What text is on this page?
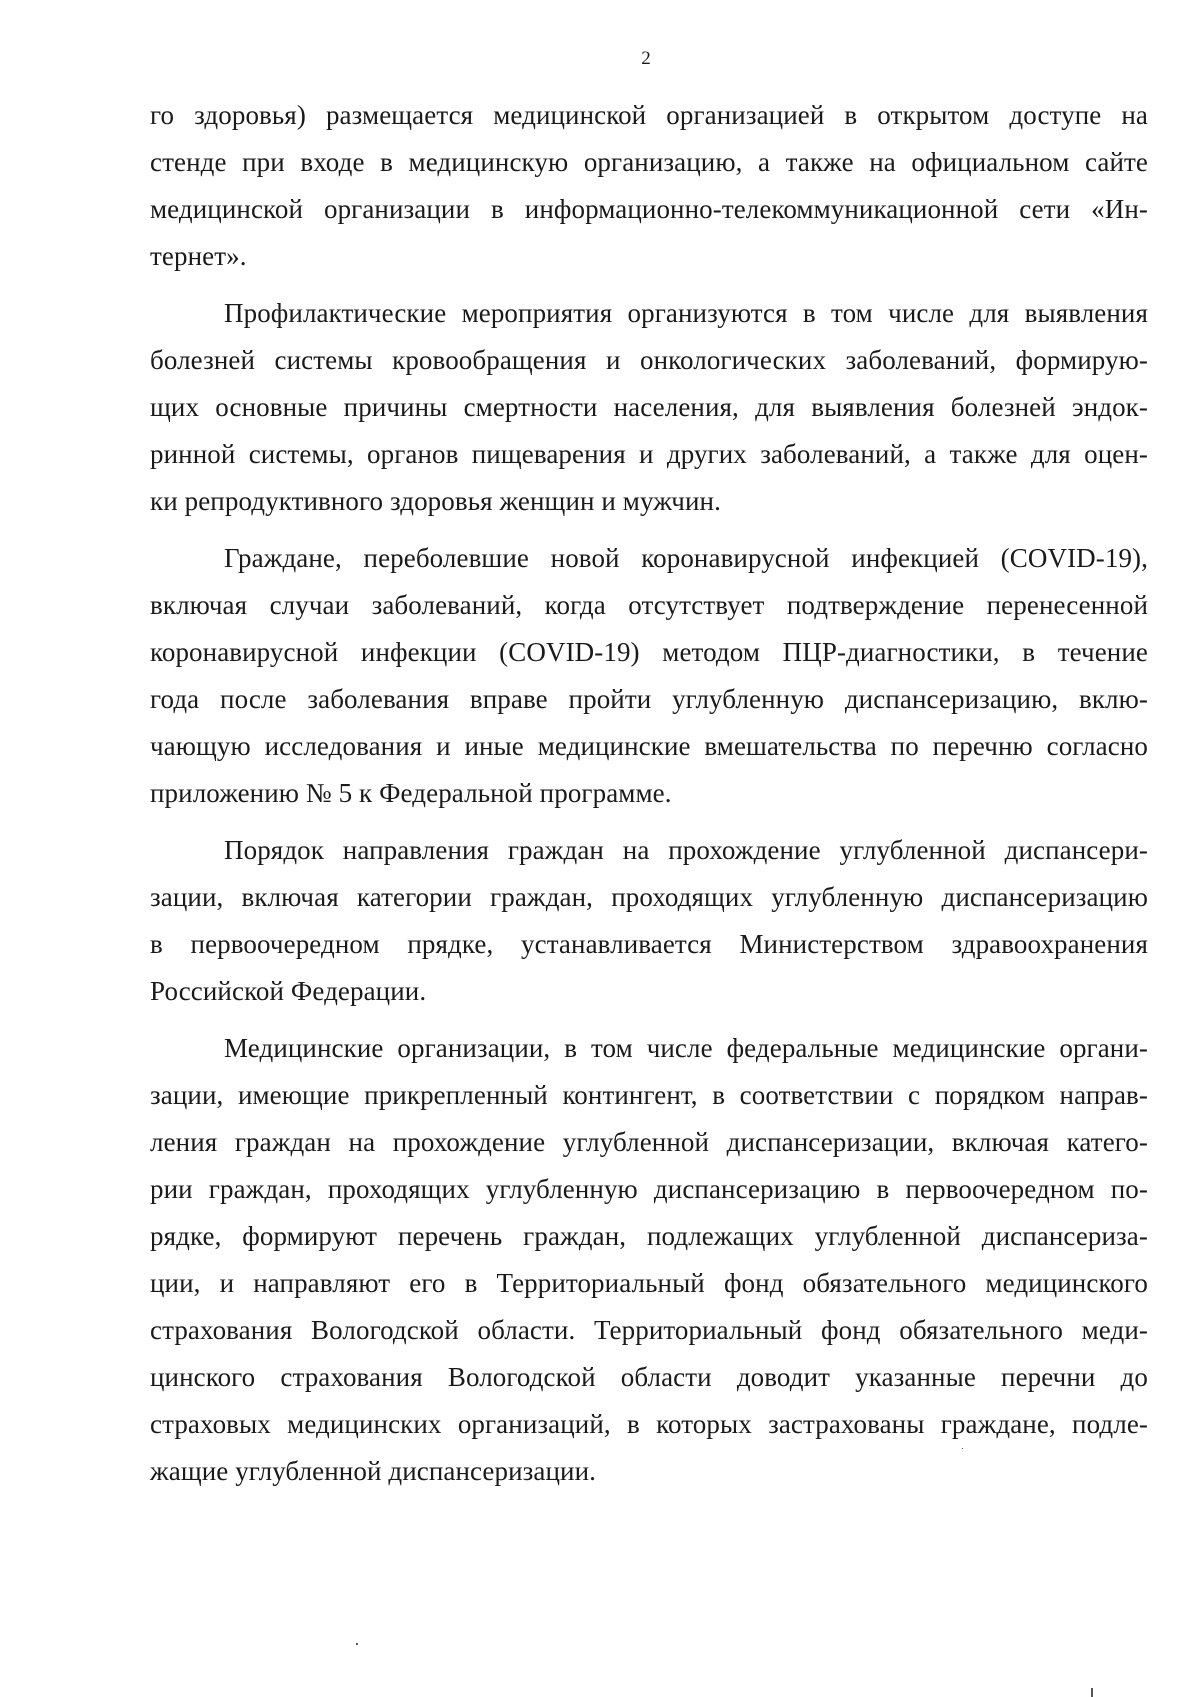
2
го здоровья) размещается медицинской организацией в открытом доступе на
стенде при входе в медицинскую организацию, а также на официальном сайте
медицинской организации в информационно-телекоммуникационной сети «Ин-
тернет».
Профилактические мероприятия организуются в том числе для выявления
болезней системы кровообращения и онкологических заболеваний, формирую-
щих основные причины смертности населения, для выявления болезней эндок-
ринной системы, органов пищеварения и других заболеваний, а также для оцен-
ки репродуктивного здоровья женщин и мужчин.
Граждане, переболевшие новой коронавирусной инфекцией (COVID-19),
включая случаи заболеваний, когда отсутствует подтверждение перенесенной
коронавирусной инфекции (COVID-19) методом ПЦР-диагностики, в течение
года после заболевания вправе пройти углубленную диспансеризацию, вклю-
чающую исследования и иные медицинские вмешательства по перечню согласно
приложению № 5 к Федеральной программе.
Порядок направления граждан на прохождение углубленной диспансери-
зации, включая категории граждан, проходящих углубленную диспансеризацию
в первоочередном прядке, устанавливается Министерством здравоохранения
Российской Федерации.
Медицинские организации, в том числе федеральные медицинские органи-
зации, имеющие прикрепленный контингент, в соответствии с порядком направ-
ления граждан на прохождение углубленной диспансеризации, включая катего-
рии граждан, проходящих углубленную диспансеризацию в первоочередном по-
рядке, формируют перечень граждан, подлежащих углубленной диспансериза-
ции, и направляют его в Территориальный фонд обязательного медицинского
страхования Вологодской области. Территориальный фонд обязательного меди-
цинского страхования Вологодской области доводит указанные перечни до
страховых медицинских организаций, в которых застрахованы граждане, подле-
жащие углубленной диспансеризации.
